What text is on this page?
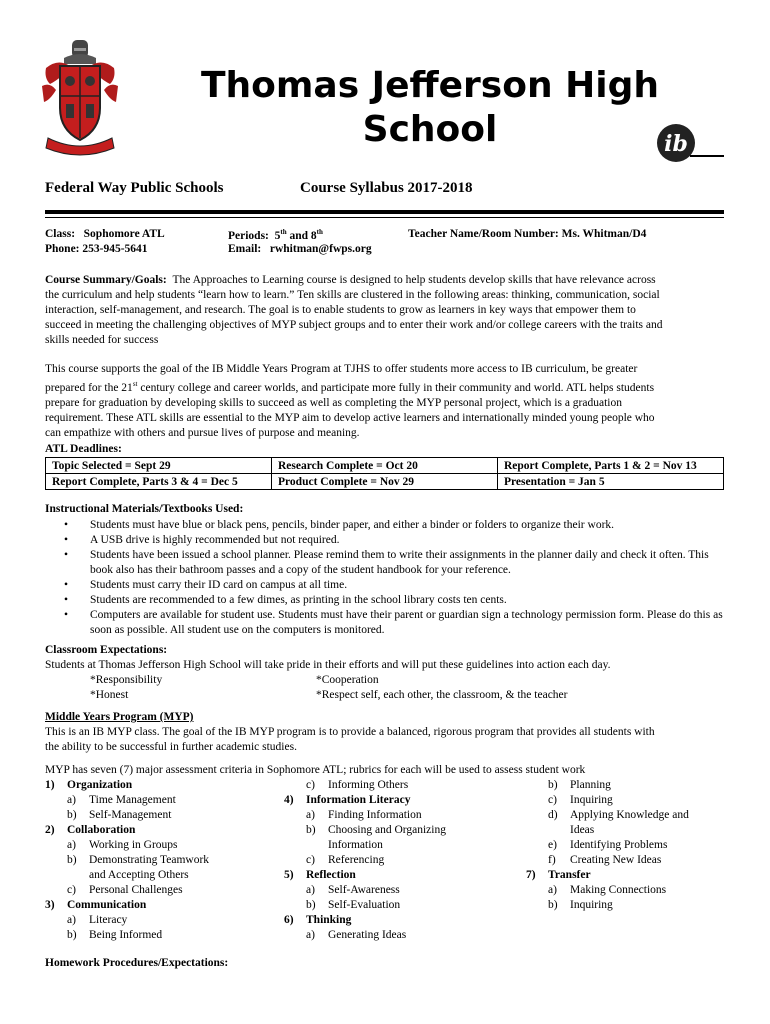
Thomas Jefferson High
School	ib
Federal Way Public Schools	Course Syllabus 2017-2018
Class: Sophomore ATL
Phone: 253-945-5641
Periods: 5th and 8th
Email: rwhitman@fwps.org
Teacher Name/Room Number: Ms. Whitman/D4
Course Summary/Goals: The Approaches to Learning course is designed to help students develop skills that have relevance across
the curriculum and help students “learn how to learn.” Ten skills are clustered in the following areas: thinking, communication, social
interaction, self-management, and research. The goal is to enable students to grow as learners in key ways that empower them to
succeed in meeting the challenging objectives of MYP subject groups and to enter their work and/or college careers with the traits and
skills needed for success
This course supports the goal of the IB Middle Years Program at TJHS to offer students more access to IB curriculum, be greater
prepared for the 21st century college and career worlds, and participate more fully in their community and world. ATL helps students
prepare for graduation by developing skills to succeed as well as completing the MYP personal project, which is a graduation
requirement. These ATL skills are essential to the MYP aim to develop active learners and internationally minded young people who
can empathize with others and pursue lives of purpose and meaning.
ATL Deadlines:
Topic Selected = Sept 29	Research Complete = Oct 20	Report Complete, Parts 1 & 2 = Nov 13
Report Complete, Parts 3 & 4 = Dec 5	Product Complete = Nov 29	Presentation = Jan 5
Instructional Materials/Textbooks Used:
• Students must have blue or black pens, pencils, binder paper, and either a binder or folders to organize their work.
• A USB drive is highly recommended but not required.
• Students have been issued a school planner. Please remind them to write their assignments in the planner daily and check it often. This book also has their bathroom passes and a copy of the student handbook for your reference.
• Students must carry their ID card on campus at all time.
• Students are recommended to a few dimes, as printing in the school library costs ten cents.
• Computers are available for student use. Students must have their parent or guardian sign a technology permission form. Please do this as soon as possible. All student use on the computers is monitored.
Classroom Expectations:
Students at Thomas Jefferson High School will take pride in their efforts and will put these guidelines into action each day.
*Responsibility
*Honest
*Cooperation
*Respect self, each other, the classroom, & the teacher
Middle Years Program (MYP)
This is an IB MYP class. The goal of the IB MYP program is to provide a balanced, rigorous program that provides all students with
the ability to be successful in further academic studies.
MYP has seven (7) major assessment criteria in Sophomore ATL; rubrics for each will be used to assess student work
1) Organization
a) Time Management
b) Self-Management
2) Collaboration
a) Working in Groups
b) Demonstrating Teamwork
and Accepting Others
c) Personal Challenges
3) Communication
a) Literacy
b) Being Informed
c) Informing Others
4) Information Literacy
a) Finding Information
b) Choosing and Organizing
Information
c) Referencing
5) Reflection
a) Self-Awareness
b) Self-Evaluation
6) Thinking
a) Generating Ideas
b) Planning
c) Inquiring
d) Applying Knowledge and
Ideas
e) Identifying Problems
f) Creating New Ideas
7) Transfer
a) Making Connections
b) Inquiring
Homework Procedures/Expectations:
